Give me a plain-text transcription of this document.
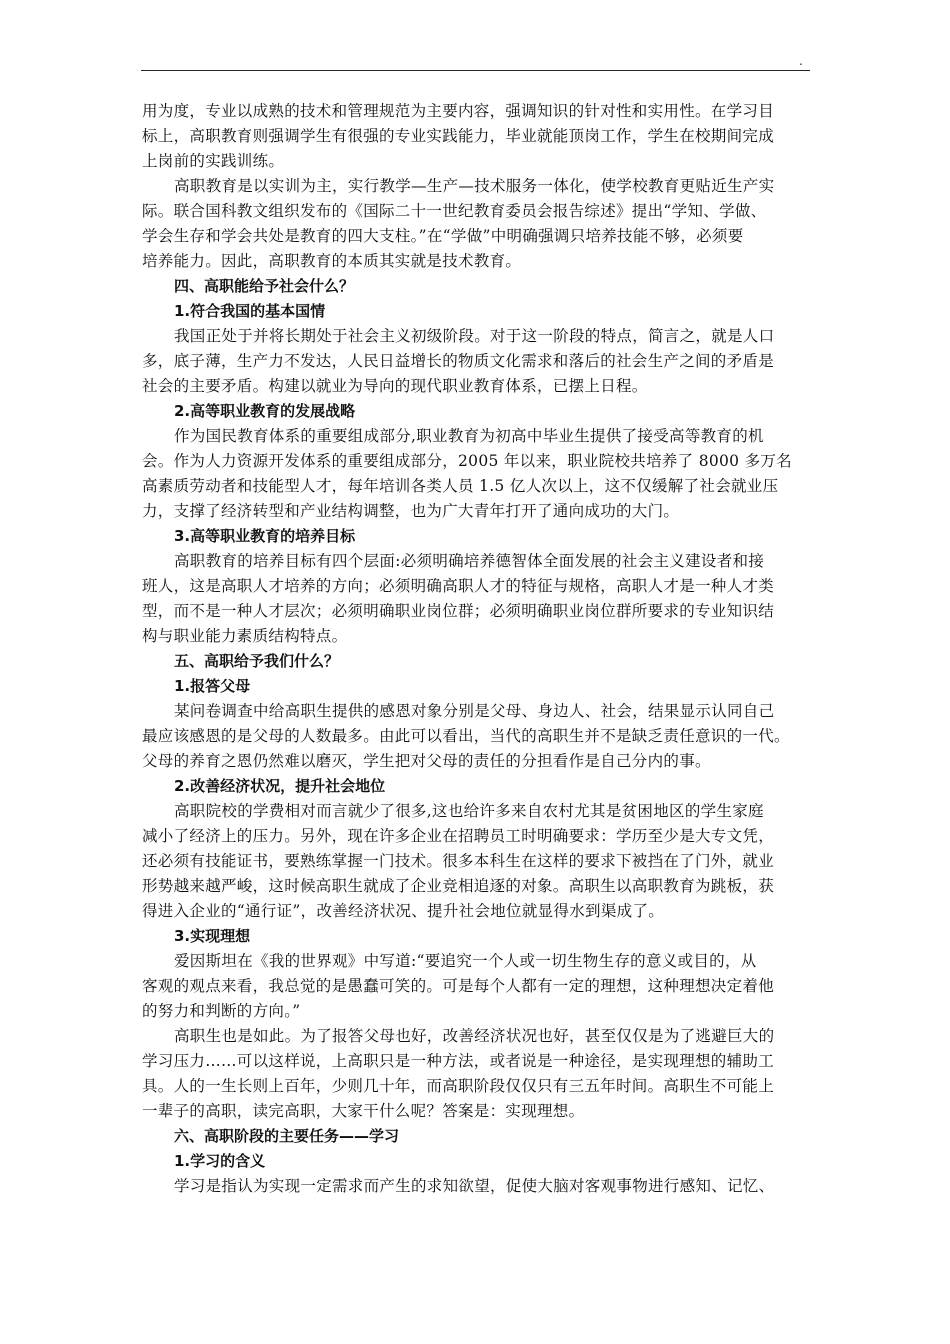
.
用为度，专业以成熟的技术和管理规范为主要内容，强调知识的针对性和实用性。在学习目
标上，高职教育则强调学生有很强的专业实践能力，毕业就能顶岗工作，学生在校期间完成
上岗前的实践训练。
高职教育是以实训为主，实行教学—生产—技术服务一体化，使学校教育更贴近生产实
际。联合国科教文组织发布的《国际二十一世纪教育委员会报告综述》提出“学知、学做、
学会生存和学会共处是教育的四大支柱。”在“学做”中明确强调只培养技能不够，必须要
培养能力。因此，高职教育的本质其实就是技术教育。
四、高职能给予社会什么？
1.符合我国的基本国情
我国正处于并将长期处于社会主义初级阶段。对于这一阶段的特点，简言之，就是人口
多，底子薄，生产力不发达，人民日益增长的物质文化需求和落后的社会生产之间的矛盾是
社会的主要矛盾。构建以就业为导向的现代职业教育体系，已摆上日程。
2.高等职业教育的发展战略
作为国民教育体系的重要组成部分,职业教育为初高中毕业生提供了接受高等教育的机
会。作为人力资源开发体系的重要组成部分，2005 年以来，职业院校共培养了 8000 多万名
高素质劳动者和技能型人才，每年培训各类人员 1.5 亿人次以上，这不仅缓解了社会就业压
力，支撑了经济转型和产业结构调整，也为广大青年打开了通向成功的大门。
3.高等职业教育的培养目标
高职教育的培养目标有四个层面:必须明确培养德智体全面发展的社会主义建设者和接
班人，这是高职人才培养的方向；必须明确高职人才的特征与规格，高职人才是一种人才类
型，而不是一种人才层次；必须明确职业岗位群；必须明确职业岗位群所要求的专业知识结
构与职业能力素质结构特点。
五、高职给予我们什么？
1.报答父母
某问卷调查中给高职生提供的感恩对象分别是父母、身边人、社会，结果显示认同自己
最应该感恩的是父母的人数最多。由此可以看出，当代的高职生并不是缺乏责任意识的一代。
父母的养育之恩仍然难以磨灭，学生把对父母的责任的分担看作是自己分内的事。
2.改善经济状况，提升社会地位
高职院校的学费相对而言就少了很多,这也给许多来自农村尤其是贫困地区的学生家庭
减小了经济上的压力。另外，现在许多企业在招聘员工时明确要求：学历至少是大专文凭，
还必须有技能证书，要熟练掌握一门技术。很多本科生在这样的要求下被挡在了门外，就业
形势越来越严峻，这时候高职生就成了企业竞相追逐的对象。高职生以高职教育为跳板，获
得进入企业的“通行证”，改善经济状况、提升社会地位就显得水到渠成了。
3.实现理想
爱因斯坦在《我的世界观》中写道:“要追究一个人或一切生物生存的意义或目的，从
客观的观点来看，我总觉的是愚蠢可笑的。可是每个人都有一定的理想，这种理想决定着他
的努力和判断的方向。”
高职生也是如此。为了报答父母也好，改善经济状况也好，甚至仅仅是为了逃避巨大的
学习压力……可以这样说，上高职只是一种方法，或者说是一种途径，是实现理想的辅助工
具。人的一生长则上百年，少则几十年，而高职阶段仅仅只有三五年时间。高职生不可能上
一辈子的高职，读完高职，大家干什么呢？答案是：实现理想。
六、高职阶段的主要任务——学习
1.学习的含义
学习是指认为实现一定需求而产生的求知欲望，促使大脑对客观事物进行感知、记忆、
